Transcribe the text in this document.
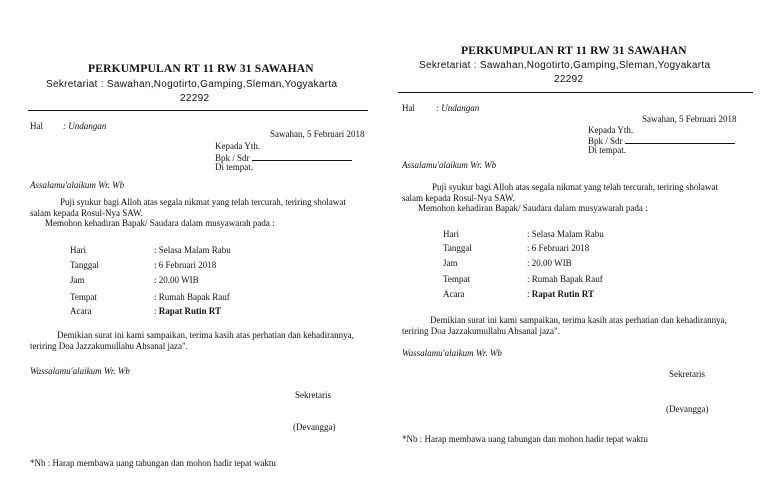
PERKUMPULAN RT 11 RW 31 SAWAHAN
Sekretariat : Sawahan,Nogotirto,Gamping,Sleman,Yogyakarta
22292
Hal : Undangan
Sawahan, 5 Februari 2018
Kepada Yth.
Bpk / Sdr
Di tempat.
Assalamu'alaikum Wr. Wb
Puji syukur bagi Alloh atas segala nikmat yang telah tercurah, teriring sholawat
salam kepada Rosul-Nya SAW.
Memohon kehadiran Bapak/ Saudara dalam musyawarah pada :
Hari	: Selasa Malam Rabu
Tanggal	: 6 Februari 2018
Jam	: 20.00 WIB
Tempat	: Rumah Bapak Rauf
Acara	: Rapat Rutin RT
Demikian surat ini kami sampaikan, terima kasih atas perhatian dan kehadirannya,
teriring Doa Jazzakumullahu Ahsanal jaza".
Wassalamu'alaikum Wr. Wb
Sekretaris
(Devangga)
*Nb : Harap membawa uang tabungan dan mohon hadir tepat waktu
PERKUMPULAN RT 11 RW 31 SAWAHAN
Sekretariat : Sawahan,Nogotirto,Gamping,Sleman,Yogyakarta
22292
Hal : Undangan
Sawahan, 5 Februari 2018
Kepada Yth.
Bpk / Sdr
Di tempat.
Assalamu'alaikum Wr. Wb
Puji syukur bagi Alloh atas segala nikmat yang telah tercurah, teriring sholawat
salam kepada Rosul-Nya SAW.
Memohon kehadiran Bapak/ Saudara dalam musyawarah pada :
Hari	: Selasa Malam Rabu
Tanggal	: 6 Februari 2018
Jam	: 20.00 WIB
Tempat	: Rumah Bapak Rauf
Acara	: Rapat Rutin RT
Demikian surat ini kami sampaikan, terima kasih atas perhatian dan kehadirannya,
teriring Doa Jazzakumullahu Ahsanal jaza".
Wassalamu'alaikum Wr. Wb
Sekretaris
(Devangga)
*Nb : Harap membawa uang tabungan dan mohon hadir tepat waktu
